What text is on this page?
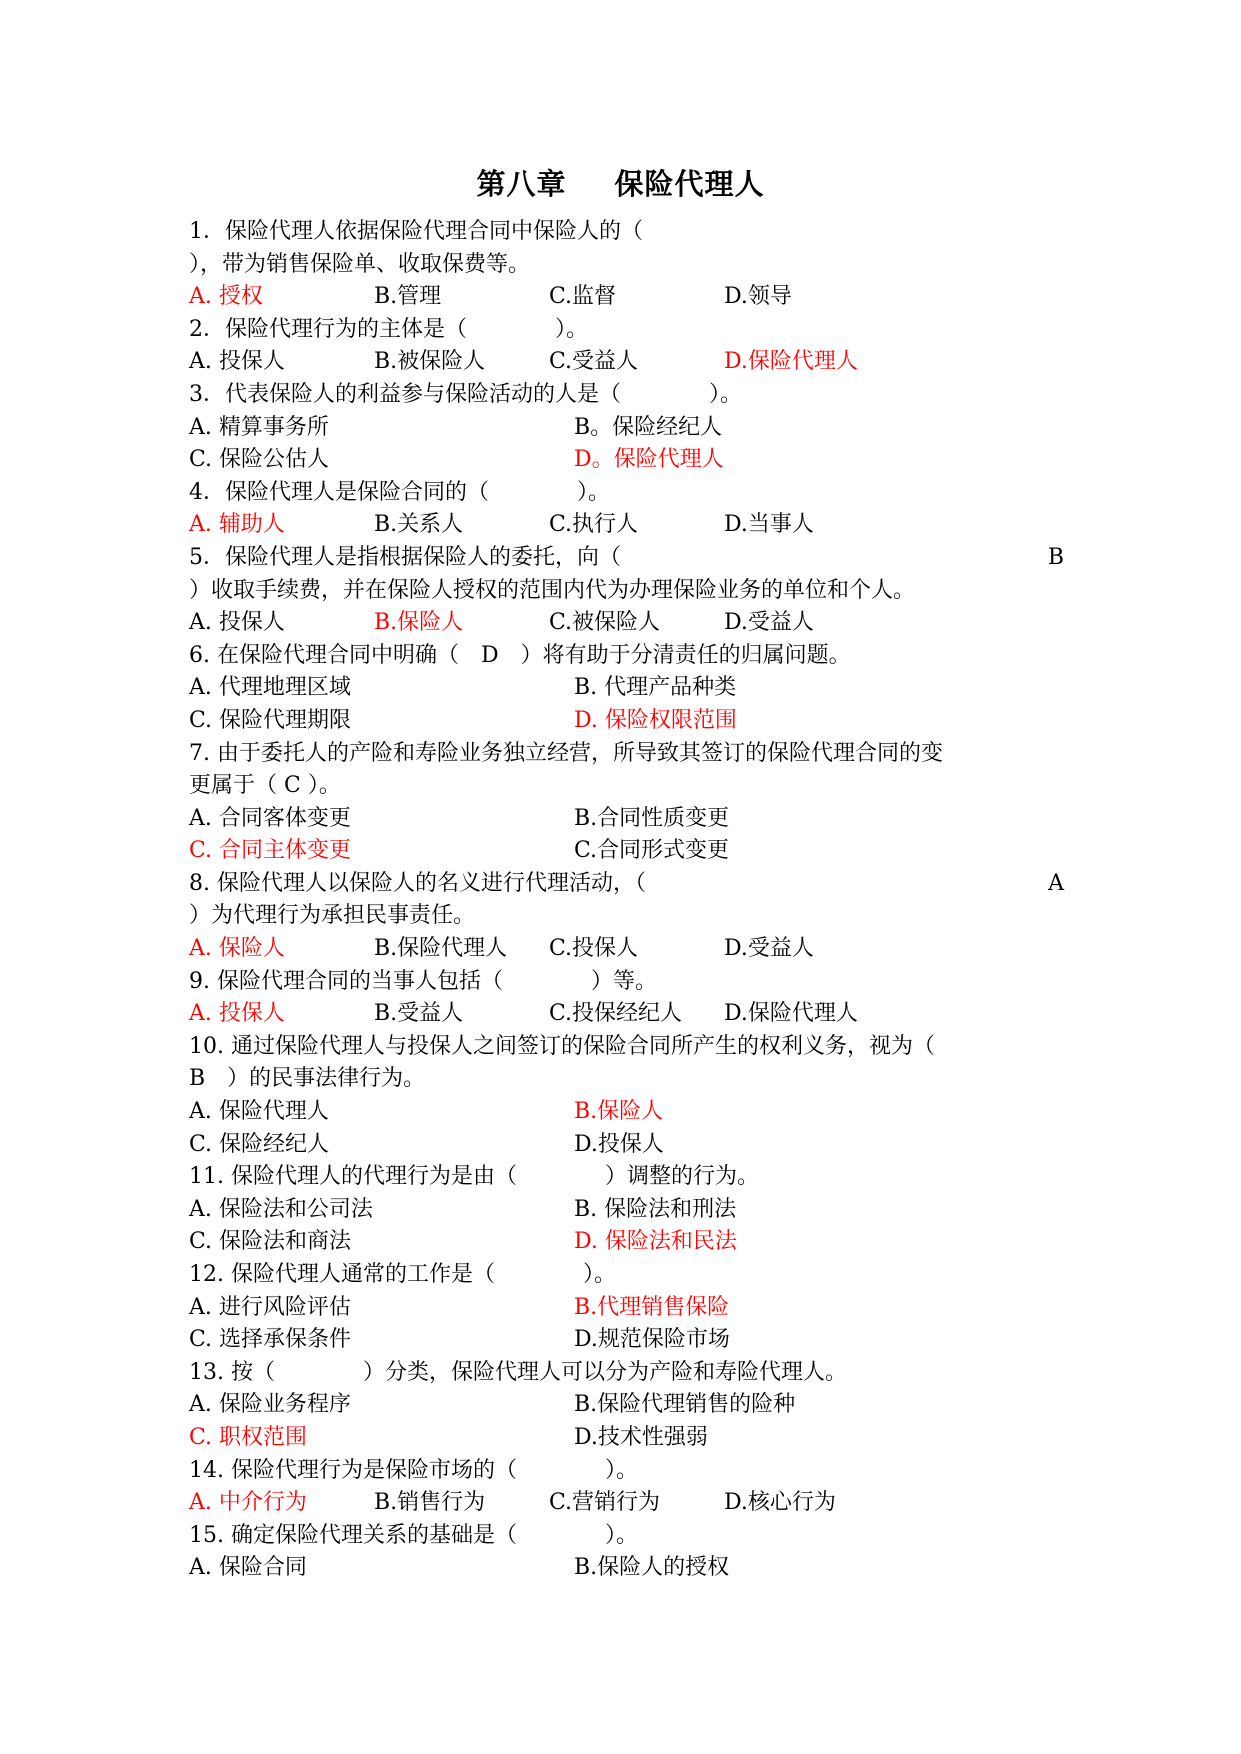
第八章 保险代理人
1．保险代理人依据保险代理合同中保险人的（
），带为销售保险单、收取保费等。
A. 授权	B.管理	C.监督	D.领导
2．保险代理行为的主体是（　　　　）。
A. 投保人	B.被保险人	C.受益人	D.保险代理人
3．代表保险人的利益参与保险活动的人是（　　　　）。
A. 精算事务所	B。保险经纪人
C. 保险公估人	D。保险代理人
4．保险代理人是保险合同的（　　　　）。
A. 辅助人	B.关系人	C.执行人	D.当事人
5．保险代理人是指根据保险人的委托，向（	B
）收取手续费，并在保险人授权的范围内代为办理保险业务的单位和个人。
A. 投保人	B.保险人	C.被保险人	D.受益人
6. 在保险代理合同中明确（　D　）将有助于分清责任的归属问题。
A. 代理地理区域	B. 代理产品种类
C. 保险代理期限	D. 保险权限范围
7. 由于委托人的产险和寿险业务独立经营，所导致其签订的保险代理合同的变
更属于（ C ）。
A. 合同客体变更	B.合同性质变更
C. 合同主体变更	C.合同形式变更
8. 保险代理人以保险人的名义进行代理活动，（	A
）为代理行为承担民事责任。
A. 保险人	B.保险代理人 C.投保人	D.受益人
9. 保险代理合同的当事人包括（　　　　）等。
A. 投保人	B.受益人	C.投保经纪人 D.保险代理人
10. 通过保险代理人与投保人之间签订的保险合同所产生的权利义务，视为（
B　）的民事法律行为。
A. 保险代理人	B.保险人
C. 保险经纪人	D.投保人
11. 保险代理人的代理行为是由（　　　　）调整的行为。
A. 保险法和公司法	B. 保险法和刑法
C. 保险法和商法	D. 保险法和民法
12. 保险代理人通常的工作是（　　　　）。
A. 进行风险评估	B.代理销售保险
C. 选择承保条件	D.规范保险市场
13. 按（　　　　）分类，保险代理人可以分为产险和寿险代理人。
A. 保险业务程序	B.保险代理销售的险种
C. 职权范围	D.技术性强弱
14. 保险代理行为是保险市场的（　　　　）。
A. 中介行为	B.销售行为	C.营销行为	D.核心行为
15. 确定保险代理关系的基础是（　　　　）。
A. 保险合同	B.保险人的授权
